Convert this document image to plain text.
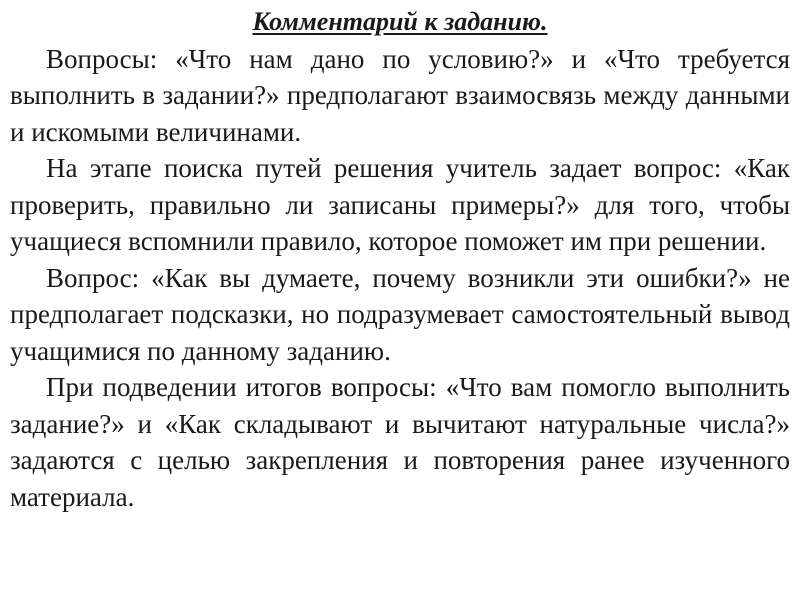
Комментарий к заданию.

Вопросы: «Что нам дано по условию?» и «Что требуется выполнить в задании?» предполагают взаимосвязь между данными и искомыми величинами.

На этапе поиска путей решения учитель задает вопрос: «Как проверить, правильно ли записаны примеры?» для того, чтобы учащиеся вспомнили правило, которое поможет им при решении.

Вопрос: «Как вы думаете, почему возникли эти ошибки?» не предполагает подсказки, но подразумевает самостоятельный вывод учащимися по данному заданию.

При подведении итогов вопросы: «Что вам помогло выполнить задание?» и «Как складывают и вычитают натуральные числа?» задаются с целью закрепления и повторения ранее изученного материала.
